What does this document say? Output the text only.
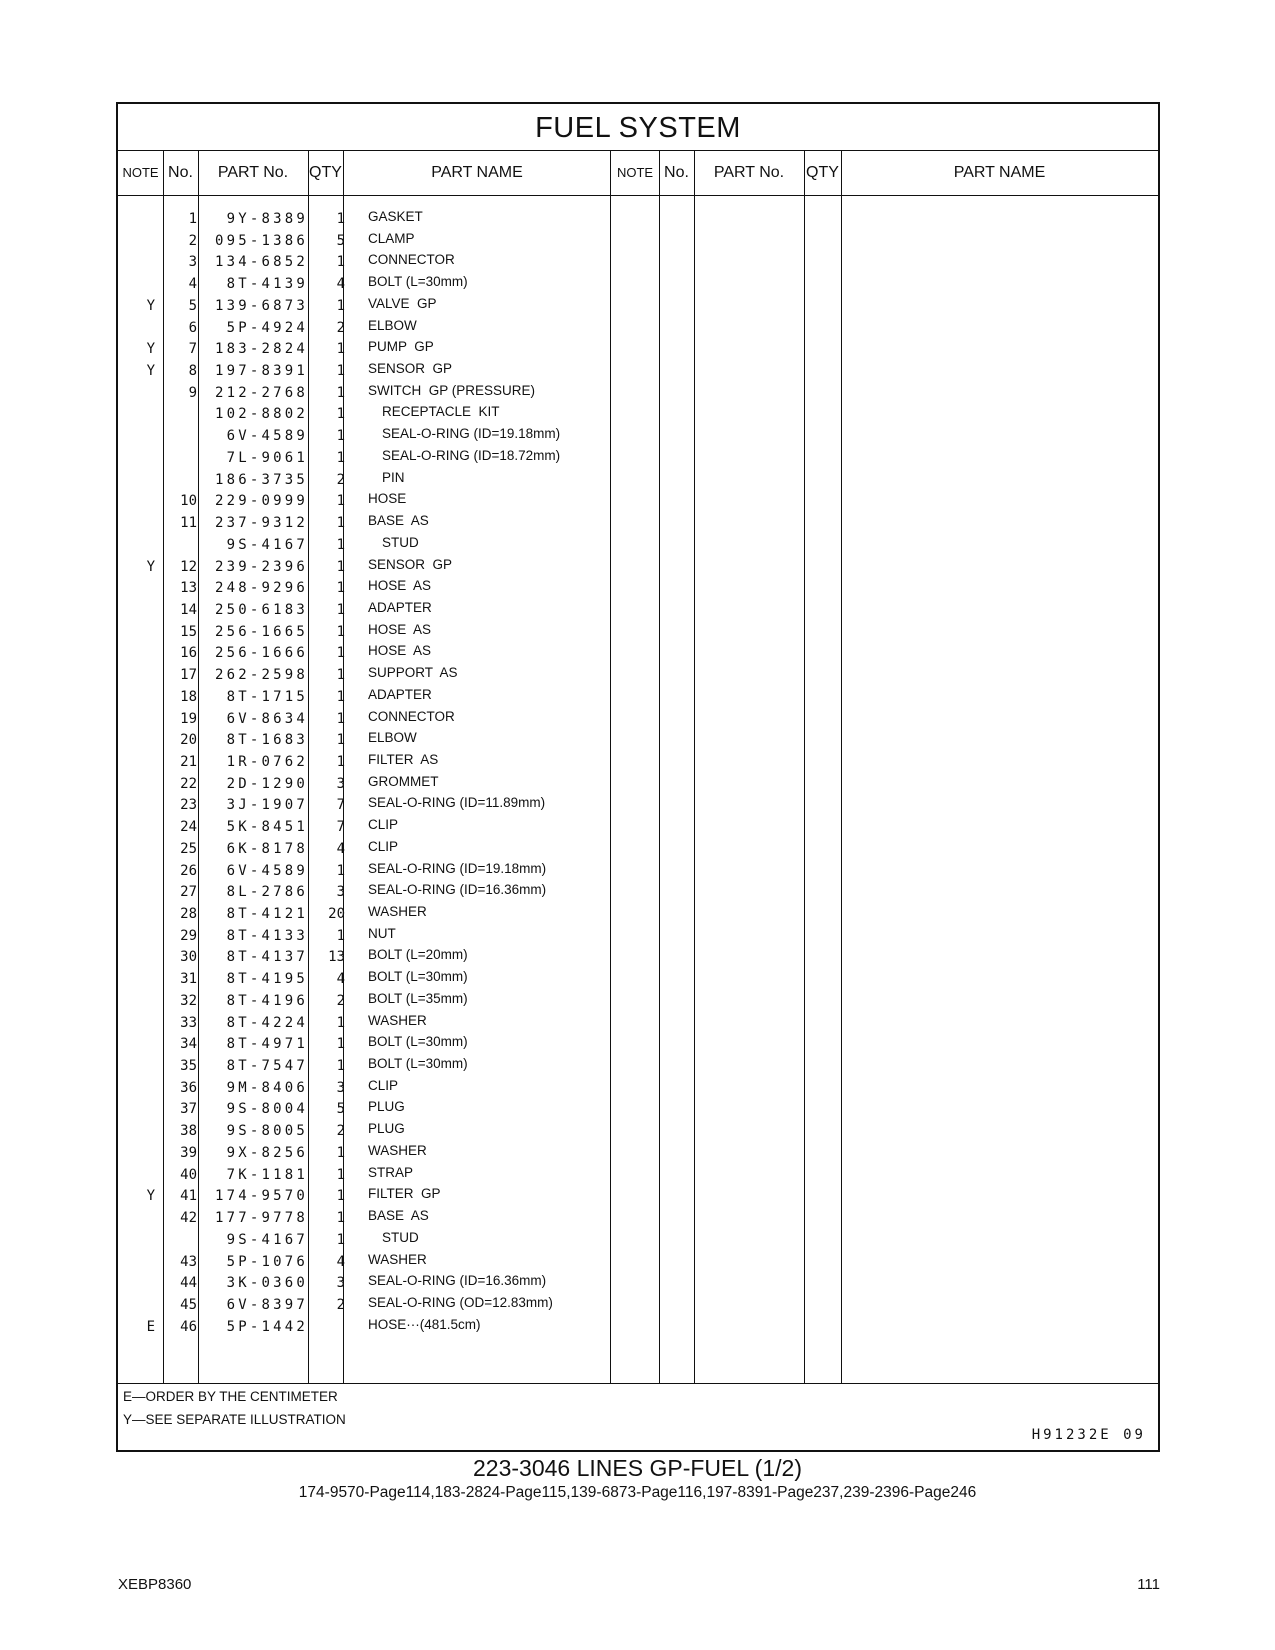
FUEL SYSTEM
NOTE No.	PART No.	QTY	PART NAME	NOTE No.	PART No.	QTY	PART NAME
1	9Y-8389	1 GASKET
2	095-1386	5 CLAMP
3	134-6852	1 CONNECTOR
4	8T-4139	4 BOLT (L=30mm)
Y	5	139-6873	1 VALVE  GP
6	5P-4924	2 ELBOW
Y	7	183-2824	1 PUMP  GP
Y	8	197-8391	1 SENSOR  GP
9	212-2768	1 SWITCH  GP (PRESSURE)
102-8802	1	RECEPTACLE  KIT
6V-4589	1	SEAL-O-RING (ID=19.18mm)
7L-9061	1	SEAL-O-RING (ID=18.72mm)
186-3735	2	PIN
10	229-0999	1 HOSE
11	237-9312	1 BASE  AS
9S-4167	1	STUD
Y	12	239-2396	1 SENSOR  GP
13	248-9296	1 HOSE  AS
14	250-6183	1 ADAPTER
15	256-1665	1 HOSE  AS
16	256-1666	1 HOSE  AS
17	262-2598	1 SUPPORT  AS
18	8T-1715	1 ADAPTER
19	6V-8634	1 CONNECTOR
20	8T-1683	1 ELBOW
21	1R-0762	1 FILTER  AS
22	2D-1290	3 GROMMET
23	3J-1907	7 SEAL-O-RING (ID=11.89mm)
24	5K-8451	7 CLIP
25	6K-8178	4 CLIP
26	6V-4589	1 SEAL-O-RING (ID=19.18mm)
27	8L-2786	3 SEAL-O-RING (ID=16.36mm)
28	8T-4121	20 WASHER
29	8T-4133	1 NUT
30	8T-4137	13 BOLT (L=20mm)
31	8T-4195	4 BOLT (L=30mm)
32	8T-4196	2 BOLT (L=35mm)
33	8T-4224	1 WASHER
34	8T-4971	1 BOLT (L=30mm)
35	8T-7547	1 BOLT (L=30mm)
36	9M-8406	3 CLIP
37	9S-8004	5 PLUG
38	9S-8005	2 PLUG
39	9X-8256	1 WASHER
40	7K-1181	1 STRAP
Y	41	174-9570	1 FILTER  GP
42	177-9778	1 BASE  AS
9S-4167	1	STUD
43	5P-1076	4 WASHER
44	3K-0360	3 SEAL-O-RING (ID=16.36mm)
45	6V-8397	2 SEAL-O-RING (OD=12.83mm)
E	46	5P-1442	HOSE···(481.5cm)
E—ORDER BY THE CENTIMETER
Y—SEE SEPARATE ILLUSTRATION
H91232E 09
223-3046 LINES GP-FUEL (1/2)
174-9570-Page114,183-2824-Page115,139-6873-Page116,197-8391-Page237,239-2396-Page246
XEBP8360	111
